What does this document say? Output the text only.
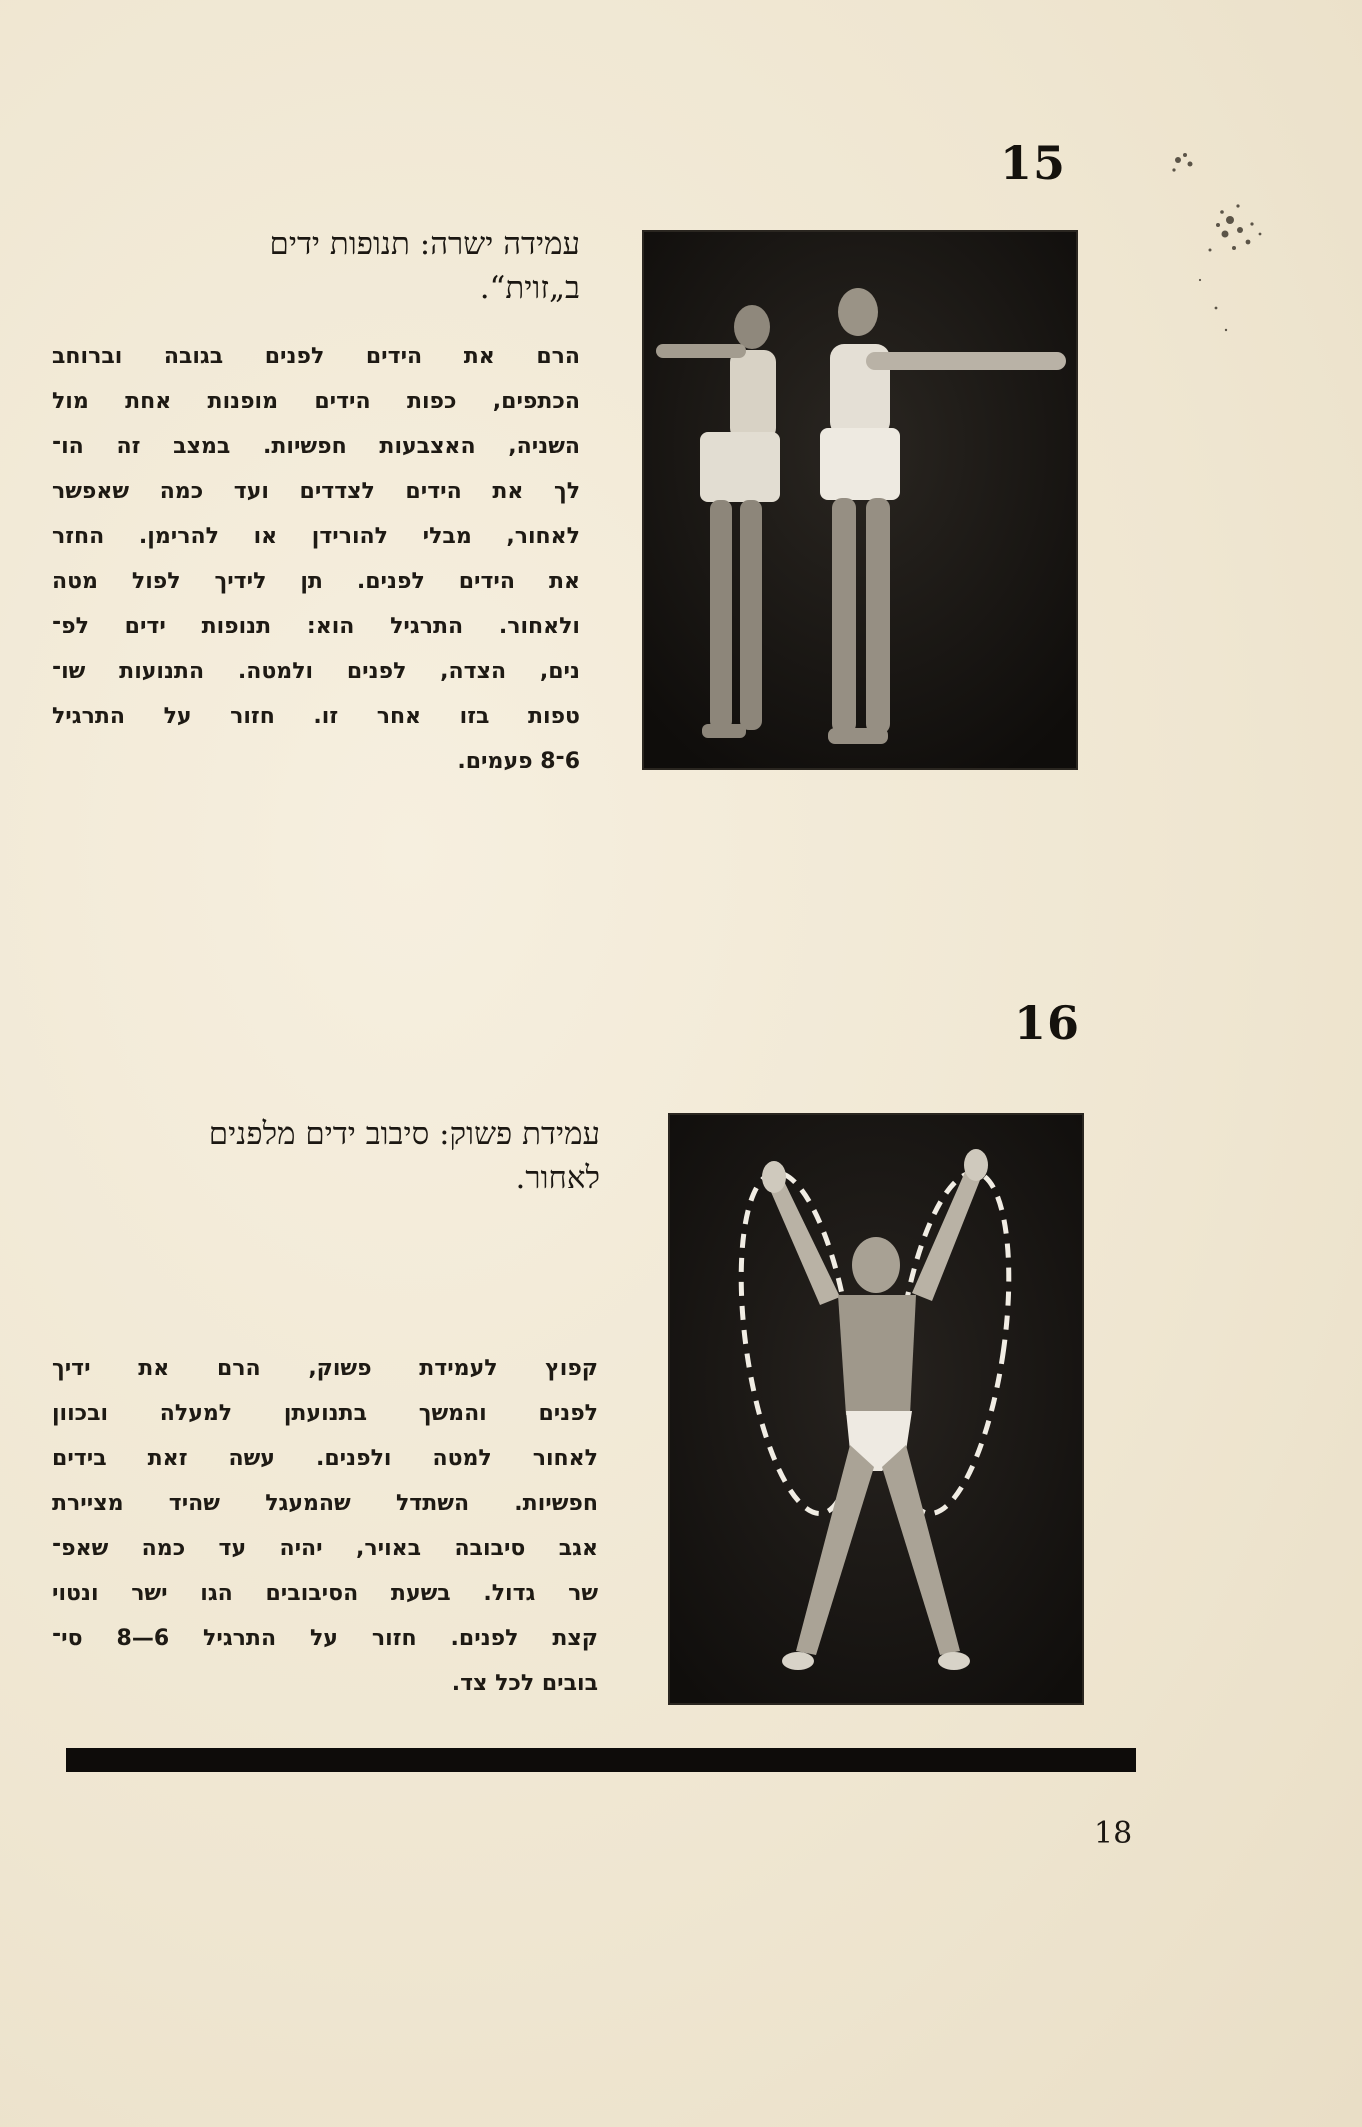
15
עמידה ישרה: תנופות ידים
ב„זוית“.
הרם את הידים לפנים בגובה וברוחב
הכתפים, כפות הידים מופנות אחת מול
השניה, האצבעות חפשיות. במצב זה הו־
לך את הידים לצדדים ועד כמה שאפשר
לאחור, מבלי להורידן או להרימן. החזר
את הידים לפנים. תן לידיך לפול מטה
ולאחור. התרגיל הוא: תנופות ידים לפ־
נים, הצדה, לפנים ולמטה. התנועות שו־
טפות בזו אחר זו. חזור על התרגיל
6־8 פעמים.
16
עמידת פשוק: סיבוב ידים מלפנים
לאחור.
קפוץ לעמידת פשוק, הרם את ידיך
לפנים והמשך בתנועתן למעלה ובכוון
לאחור למטה ולפנים. עשה זאת בידים
חפשיות. השתדל שהמעגל שהיד מציירת
אגב סיבובה באויר, יהיה עד כמה שאפ־
שר גדול. בשעת הסיבובים הגו ישר ונטוי
קצת לפנים. חזור על התרגיל 6—8 סי־
בובים לכל צד.
18
